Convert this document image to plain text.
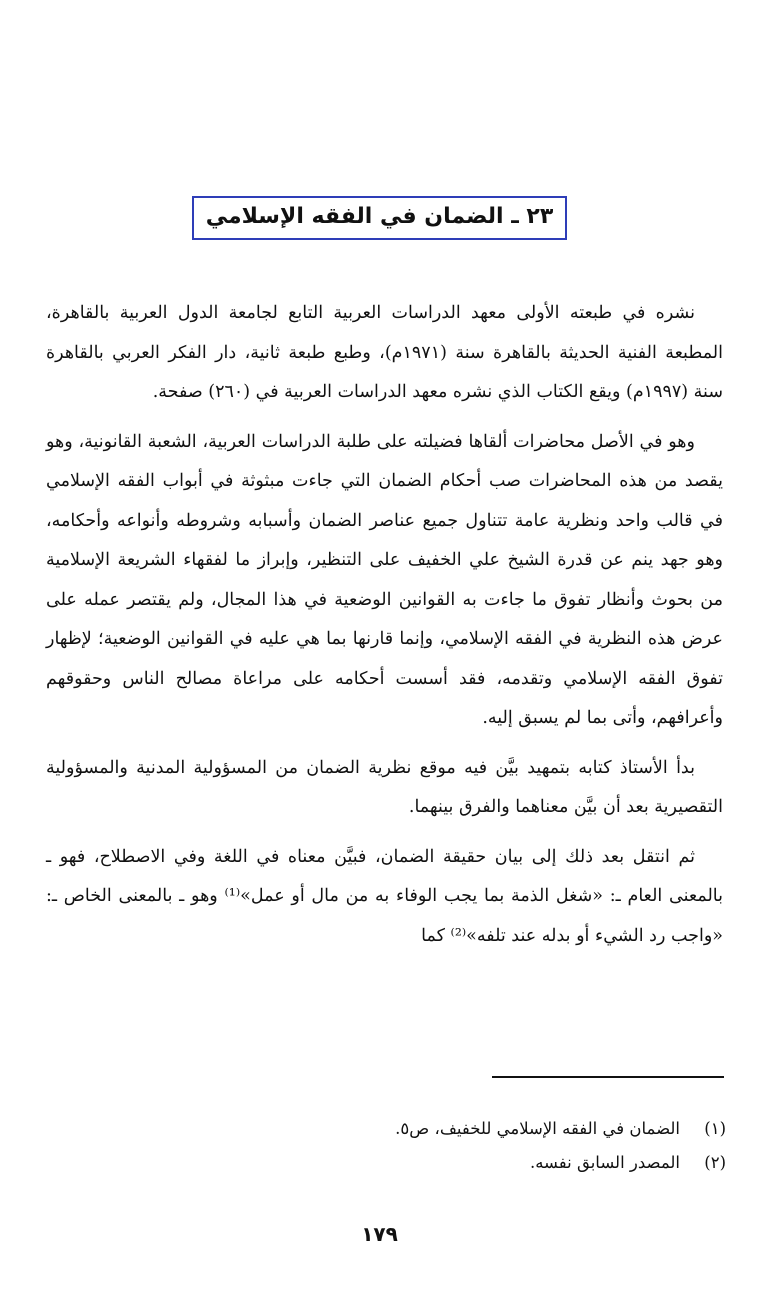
٢٣ ـ الضمان في الفقه الإسلامي

نشره في طبعته الأولى معهد الدراسات العربية التابع لجامعة الدول العربية بالقاهرة، المطبعة الفنية الحديثة بالقاهرة سنة (١٩٧١م)، وطبع طبعة ثانية، دار الفكر العربي بالقاهرة سنة (١٩٩٧م) ويقع الكتاب الذي نشره معهد الدراسات العربية في (٢٦٠) صفحة.

وهو في الأصل محاضرات ألقاها فضيلته على طلبة الدراسات العربية، الشعبة القانونية، وهو يقصد من هذه المحاضرات صب أحكام الضمان التي جاءت مبثوثة في أبواب الفقه الإسلامي في قالب واحد ونظرية عامة تتناول جميع عناصر الضمان وأسبابه وشروطه وأنواعه وأحكامه، وهو جهد ينم عن قدرة الشيخ علي الخفيف على التنظير، وإبراز ما لفقهاء الشريعة الإسلامية من بحوث وأنظار تفوق ما جاءت به القوانين الوضعية في هذا المجال، ولم يقتصر عمله على عرض هذه النظرية في الفقه الإسلامي، وإنما قارنها بما هي عليه في القوانين الوضعية؛ لإظهار تفوق الفقه الإسلامي وتقدمه، فقد أسست أحكامه على مراعاة مصالح الناس وحقوقهم وأعرافهم، وأتى بما لم يسبق إليه.

بدأ الأستاذ كتابه بتمهيد بيَّن فيه موقع نظرية الضمان من المسؤولية المدنية والمسؤولية التقصيرية بعد أن بيَّن معناهما والفرق بينهما.

ثم انتقل بعد ذلك إلى بيان حقيقة الضمان، فبيَّن معناه في اللغة وفي الاصطلاح، فهو ـ بالمعنى العام ـ: «شغل الذمة بما يجب الوفاء به من مال أو عمل»⁽¹⁾ وهو ـ بالمعنى الخاص ـ: «واجب رد الشيء أو بدله عند تلفه»⁽²⁾ كما

(١)
الضمان في الفقه الإسلامي للخفيف، ص٥.
(٢)
المصدر السابق نفسه.
١٧٩
